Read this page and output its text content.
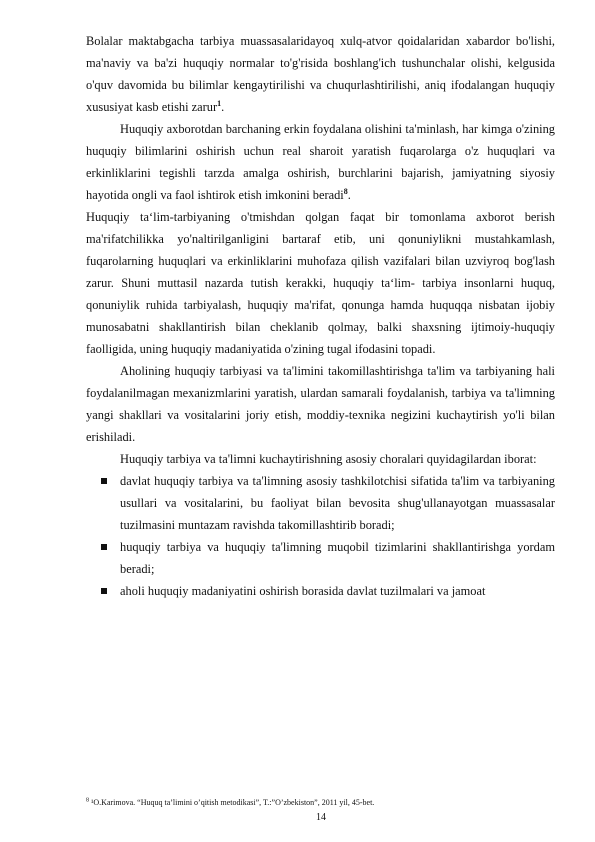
Bolalar maktabgacha tarbiya muassasalaridayoq xulq-atvor qoidalaridan xabardor bo'lishi, ma'naviy va ba'zi huquqiy normalar to'g'risida boshlang'ich tushunchalar olishi, kelgusida o'quv davomida bu bilimlar kengaytirilishi va chuqurlashtirilishi, aniq ifodalangan huquqiy xususiyat kasb etishi zarur$^1$.

Huquqiy axborotdan barchaning erkin foydalana olishini ta'minlash, har kimga o'zining huquqiy bilimlarini oshirish uchun real sharoit yaratish fuqarolarga o'z huquqlari va erkinliklarini tegishli tarzda amalga oshirish, burchlarini bajarish, jamiyatning siyosiy hayotida ongli va faol ishtirok etish imkonini beradi$^8$.

Huquqiy ta‘lim-tarbiyaning o'tmishdan qolgan faqat bir tomonlama axborot berish ma'rifatchilikka yo'naltirilganligini bartaraf etib, uni qonuniylikni mustahkamlash, fuqarolarning huquqlari va erkinliklarini muhofaza qilish vazifalari bilan uzviyroq bog'lash zarur. Shuni muttasil nazarda tutish kerakki, huquqiy ta‘lim- tarbiya insonlarni huquq, qonuniylik ruhida tarbiyalash, huquqiy ma'rifat, qonunga hamda huquqqa nisbatan ijobiy munosabatni shakllantirish bilan cheklanib qolmay, balki shaxsning ijtimoiy-huquqiy faolligida, uning huquqiy madaniyatida o'zining tugal ifodasini topadi.

Aholining huquqiy tarbiyasi va ta'limini takomillashtirishga ta'lim va tarbiyaning hali foydalanilmagan mexanizmlarini yaratish, ulardan samarali foydalanish, tarbiya va ta'limning yangi shakllari va vositalarini joriy etish, moddiy-texnika negizini kuchaytirish yo'li bilan erishiladi.

Huquqiy tarbiya va ta'limni kuchaytirishning asosiy choralari quyidagilardan iborat:

davlat huquqiy tarbiya va ta'limning asosiy tashkilotchisi sifatida ta'lim va tarbiyaning usullari va vositalarini, bu faoliyat bilan bevosita shug'ullanayotgan muassasalar tuzilmasini muntazam ravishda takomillashtirib boradi;
huquqiy tarbiya va huquqiy ta'limning muqobil tizimlarini shakllantirishga yordam beradi;
aholi huquqiy madaniyatini oshirish borasida davlat tuzilmalari va jamoat
$^8$ ¹O.Karimova. “Huquq ta’limini o’qitish metodikasi”, T.:”O’zbekiston”, 2011 yil, 45-bet.
14
